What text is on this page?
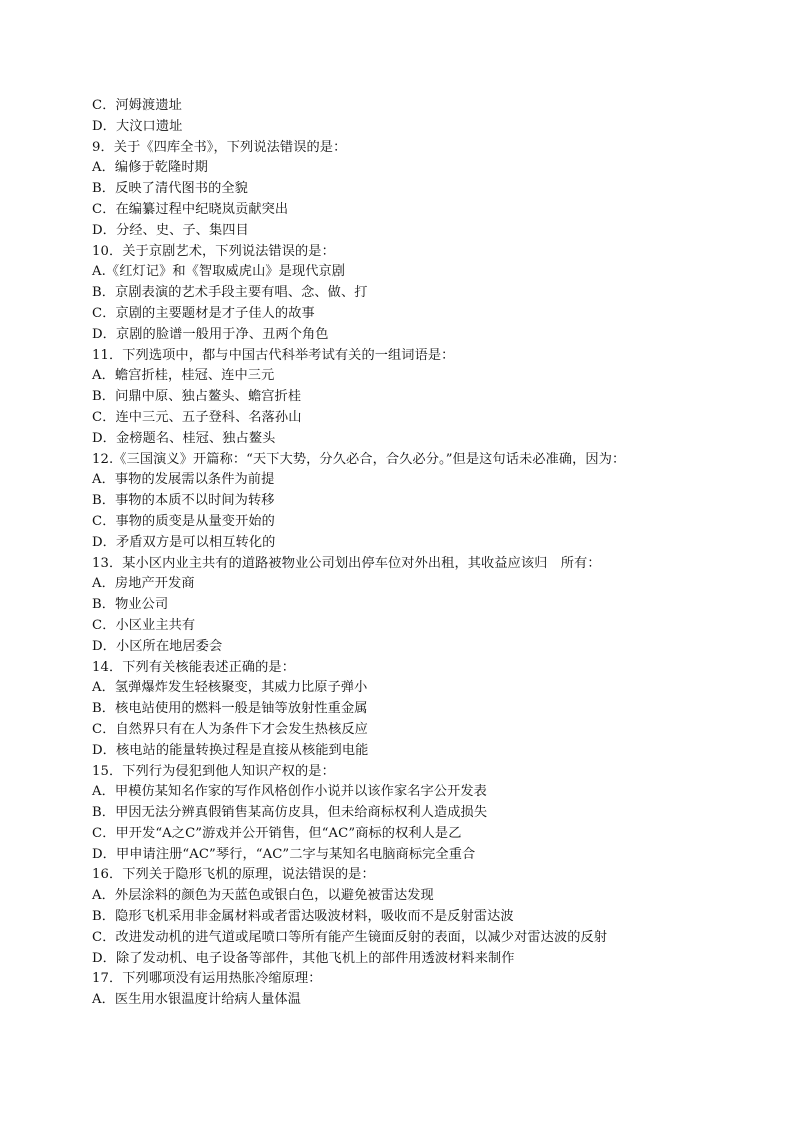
C．河姆渡遗址
D．大汶口遗址
9．关于《四库全书》，下列说法错误的是：
A．编修于乾隆时期
B．反映了清代图书的全貌
C．在编纂过程中纪晓岚贡献突出
D．分经、史、子、集四目
10．关于京剧艺术，下列说法错误的是：
A.《红灯记》和《智取威虎山》是现代京剧
B．京剧表演的艺术手段主要有唱、念、做、打
C．京剧的主要题材是才子佳人的故事
D．京剧的脸谱一般用于净、丑两个角色
11．下列选项中，都与中国古代科举考试有关的一组词语是：
A．蟾宫折桂，桂冠、连中三元
B．问鼎中原、独占鳌头、蟾宫折桂
C．连中三元、五子登科、名落孙山
D．金榜题名、桂冠、独占鳌头
12.《三国演义》开篇称：“天下大势，分久必合，合久必分。”但是这句话未必准确，因为：
A．事物的发展需以条件为前提
B．事物的本质不以时间为转移
C．事物的质变是从量变开始的
D．矛盾双方是可以相互转化的
13．某小区内业主共有的道路被物业公司划出停车位对外出租，其收益应该归　所有：
A．房地产开发商
B．物业公司
C．小区业主共有
D．小区所在地居委会
14．下列有关核能表述正确的是：
A．氢弹爆炸发生轻核聚变，其威力比原子弹小
B．核电站使用的燃料一般是铀等放射性重金属
C．自然界只有在人为条件下才会发生热核反应
D．核电站的能量转换过程是直接从核能到电能
15．下列行为侵犯到他人知识产权的是：
A．甲模仿某知名作家的写作风格创作小说并以该作家名字公开发表
B．甲因无法分辨真假销售某高仿皮具，但未给商标权利人造成损失
C．甲开发“A之C”游戏并公开销售，但“AC”商标的权利人是乙
D．甲申请注册“AC”琴行，“AC”二字与某知名电脑商标完全重合
16．下列关于隐形飞机的原理，说法错误的是：
A．外层涂料的颜色为天蓝色或银白色，以避免被雷达发现
B．隐形飞机采用非金属材料或者雷达吸波材料，吸收而不是反射雷达波
C．改进发动机的进气道或尾喷口等所有能产生镜面反射的表面，以减少对雷达波的反射
D．除了发动机、电子设备等部件，其他飞机上的部件用透波材料来制作
17．下列哪项没有运用热胀冷缩原理：
A．医生用水银温度计给病人量体温
